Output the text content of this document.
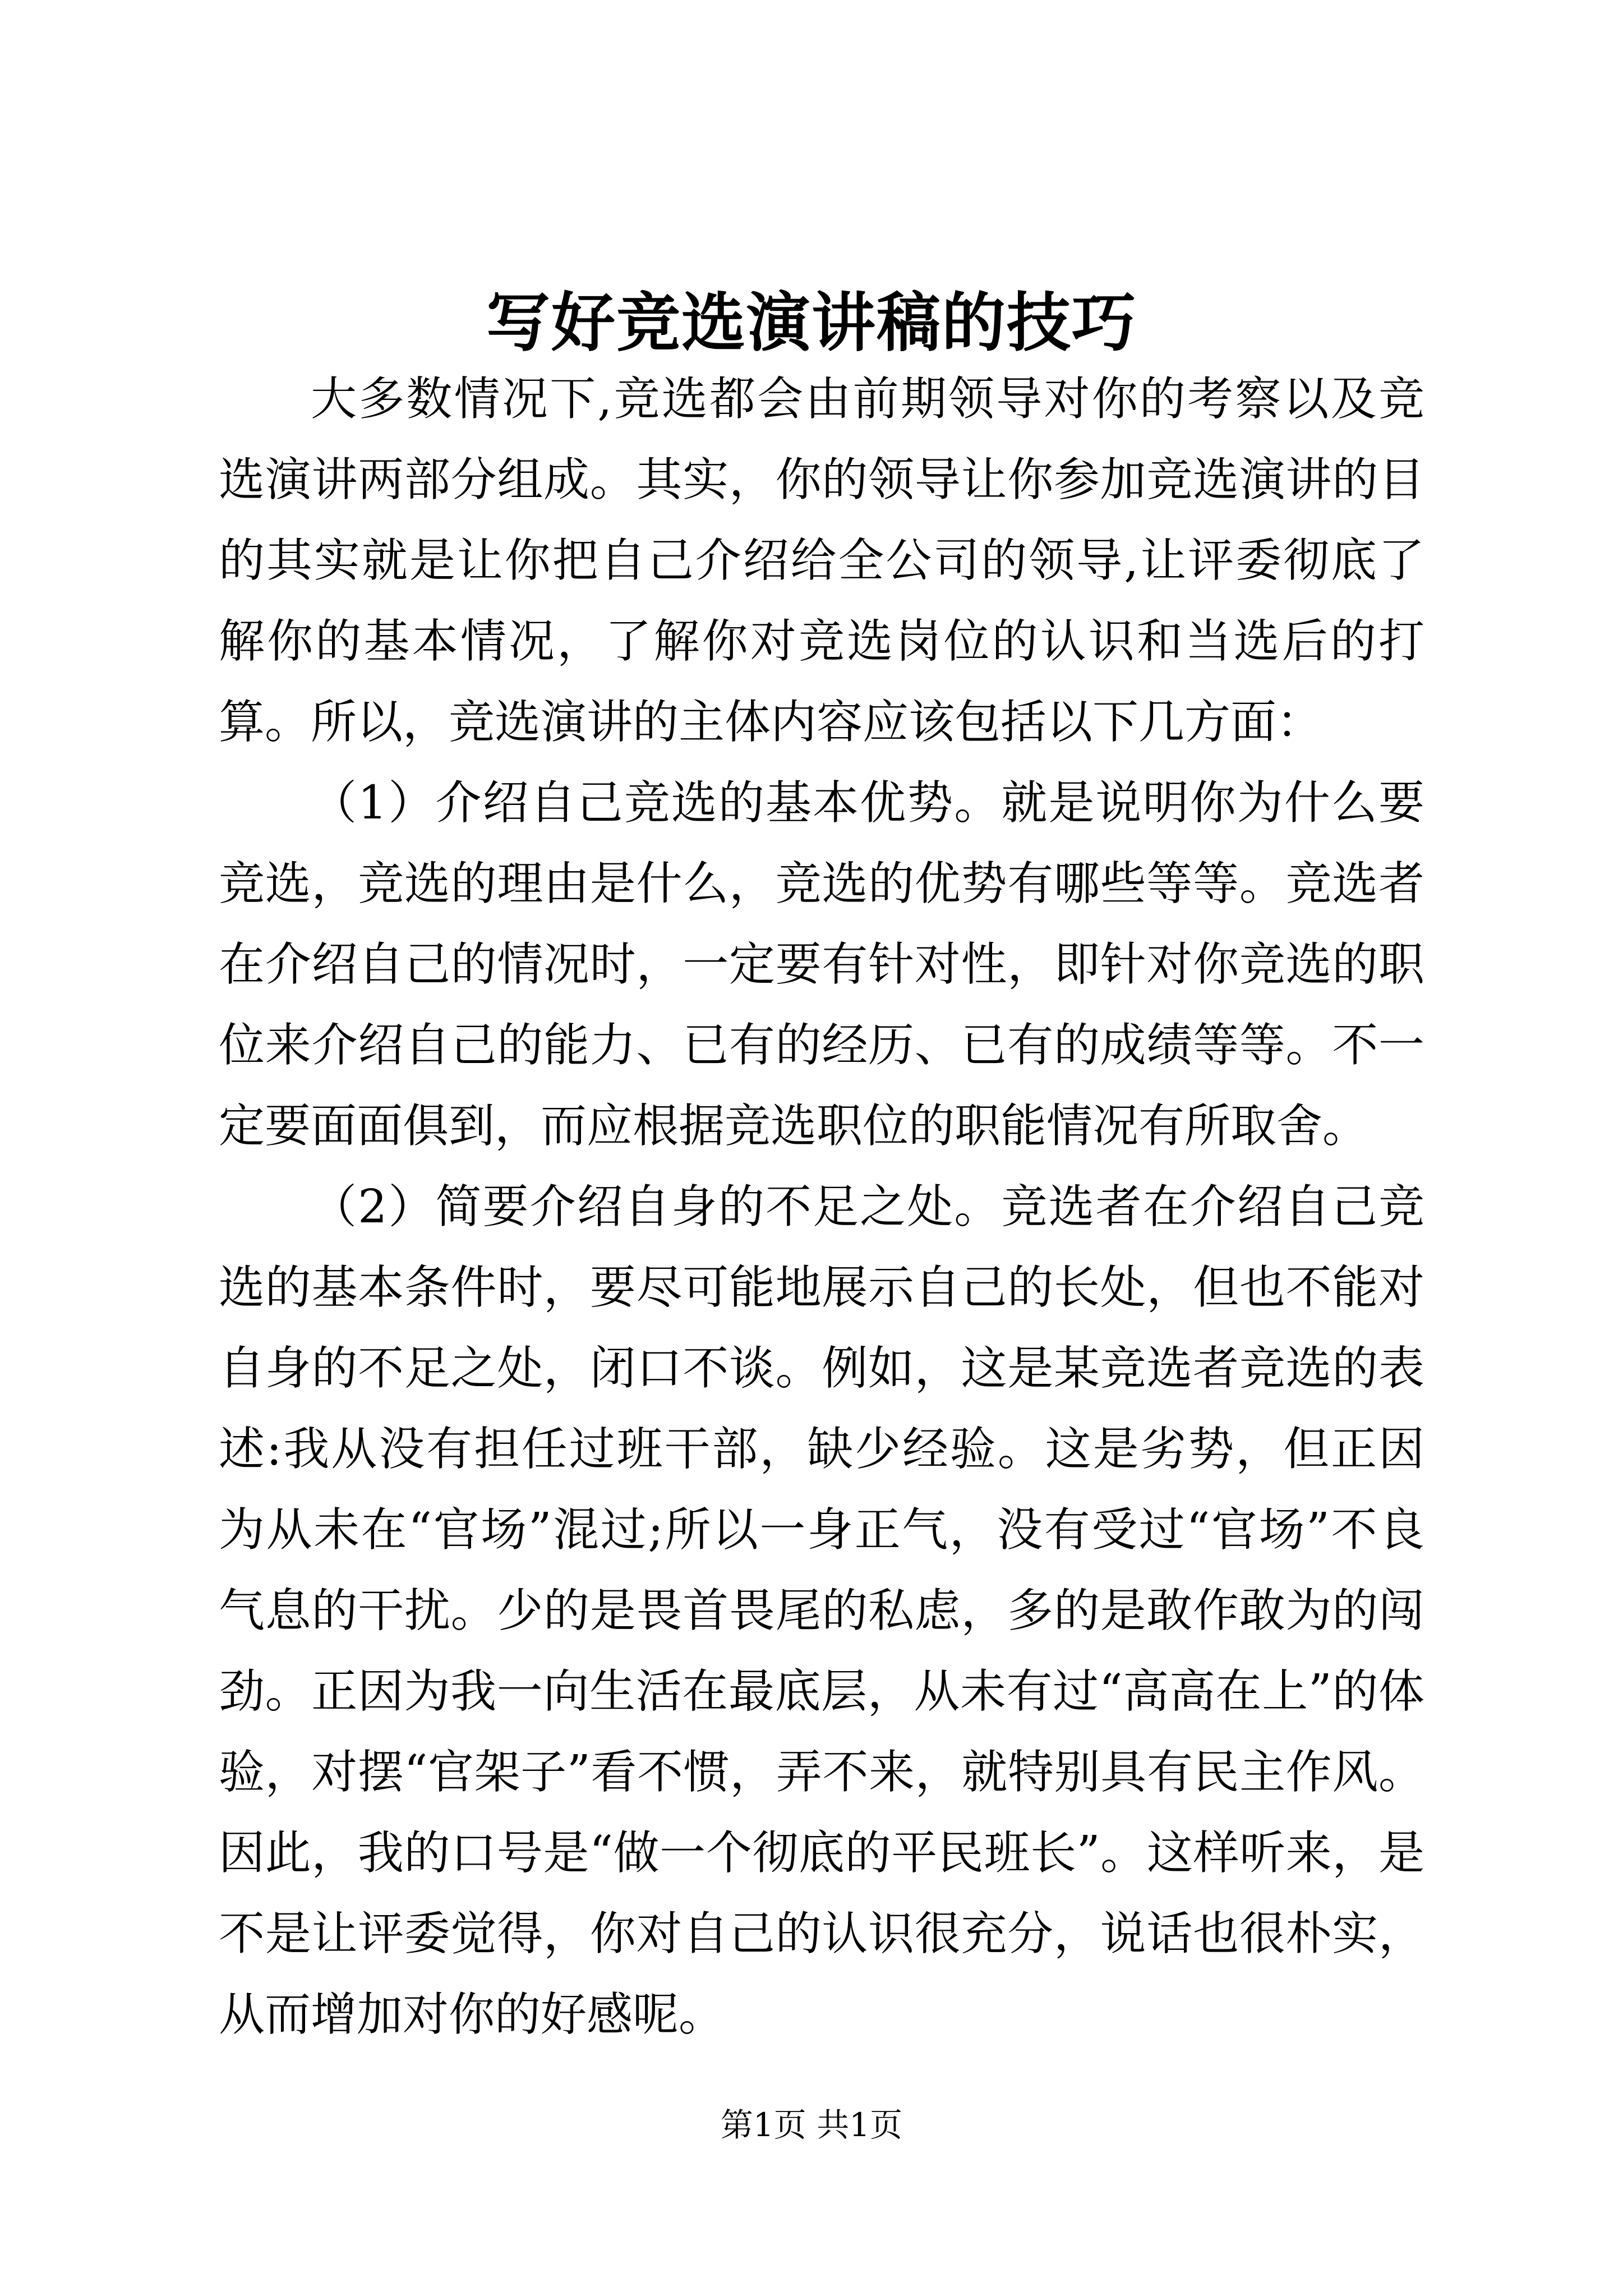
写好竞选演讲稿的技巧

大多数情况下,竞选都会由前期领导对你的考察以及竞选演讲两部分组成。其实，你的领导让你参加竞选演讲的目的其实就是让你把自己介绍给全公司的领导,让评委彻底了解你的基本情况，了解你对竞选岗位的认识和当选后的打算。所以，竞选演讲的主体内容应该包括以下几方面：

（1）介绍自己竞选的基本优势。就是说明你为什么要竞选，竞选的理由是什么，竞选的优势有哪些等等。竞选者在介绍自己的情况时，一定要有针对性，即针对你竞选的职位来介绍自己的能力、已有的经历、已有的成绩等等。不一定要面面俱到，而应根据竞选职位的职能情况有所取舍。

（2）简要介绍自身的不足之处。竞选者在介绍自己竞选的基本条件时，要尽可能地展示自己的长处，但也不能对自身的不足之处，闭口不谈。例如，这是某竞选者竞选的表述:我从没有担任过班干部，缺少经验。这是劣势，但正因为从未在“官场”混过;所以一身正气，没有受过“官场”不良气息的干扰。少的是畏首畏尾的私虑，多的是敢作敢为的闯劲。正因为我一向生活在最底层，从未有过“高高在上”的体验，对摆“官架子”看不惯，弄不来，就特别具有民主作风。因此，我的口号是“做一个彻底的平民班长”。这样听来，是不是让评委觉得，你对自己的认识很充分，说话也很朴实，从而增加对你的好感呢。

第1页 共1页
